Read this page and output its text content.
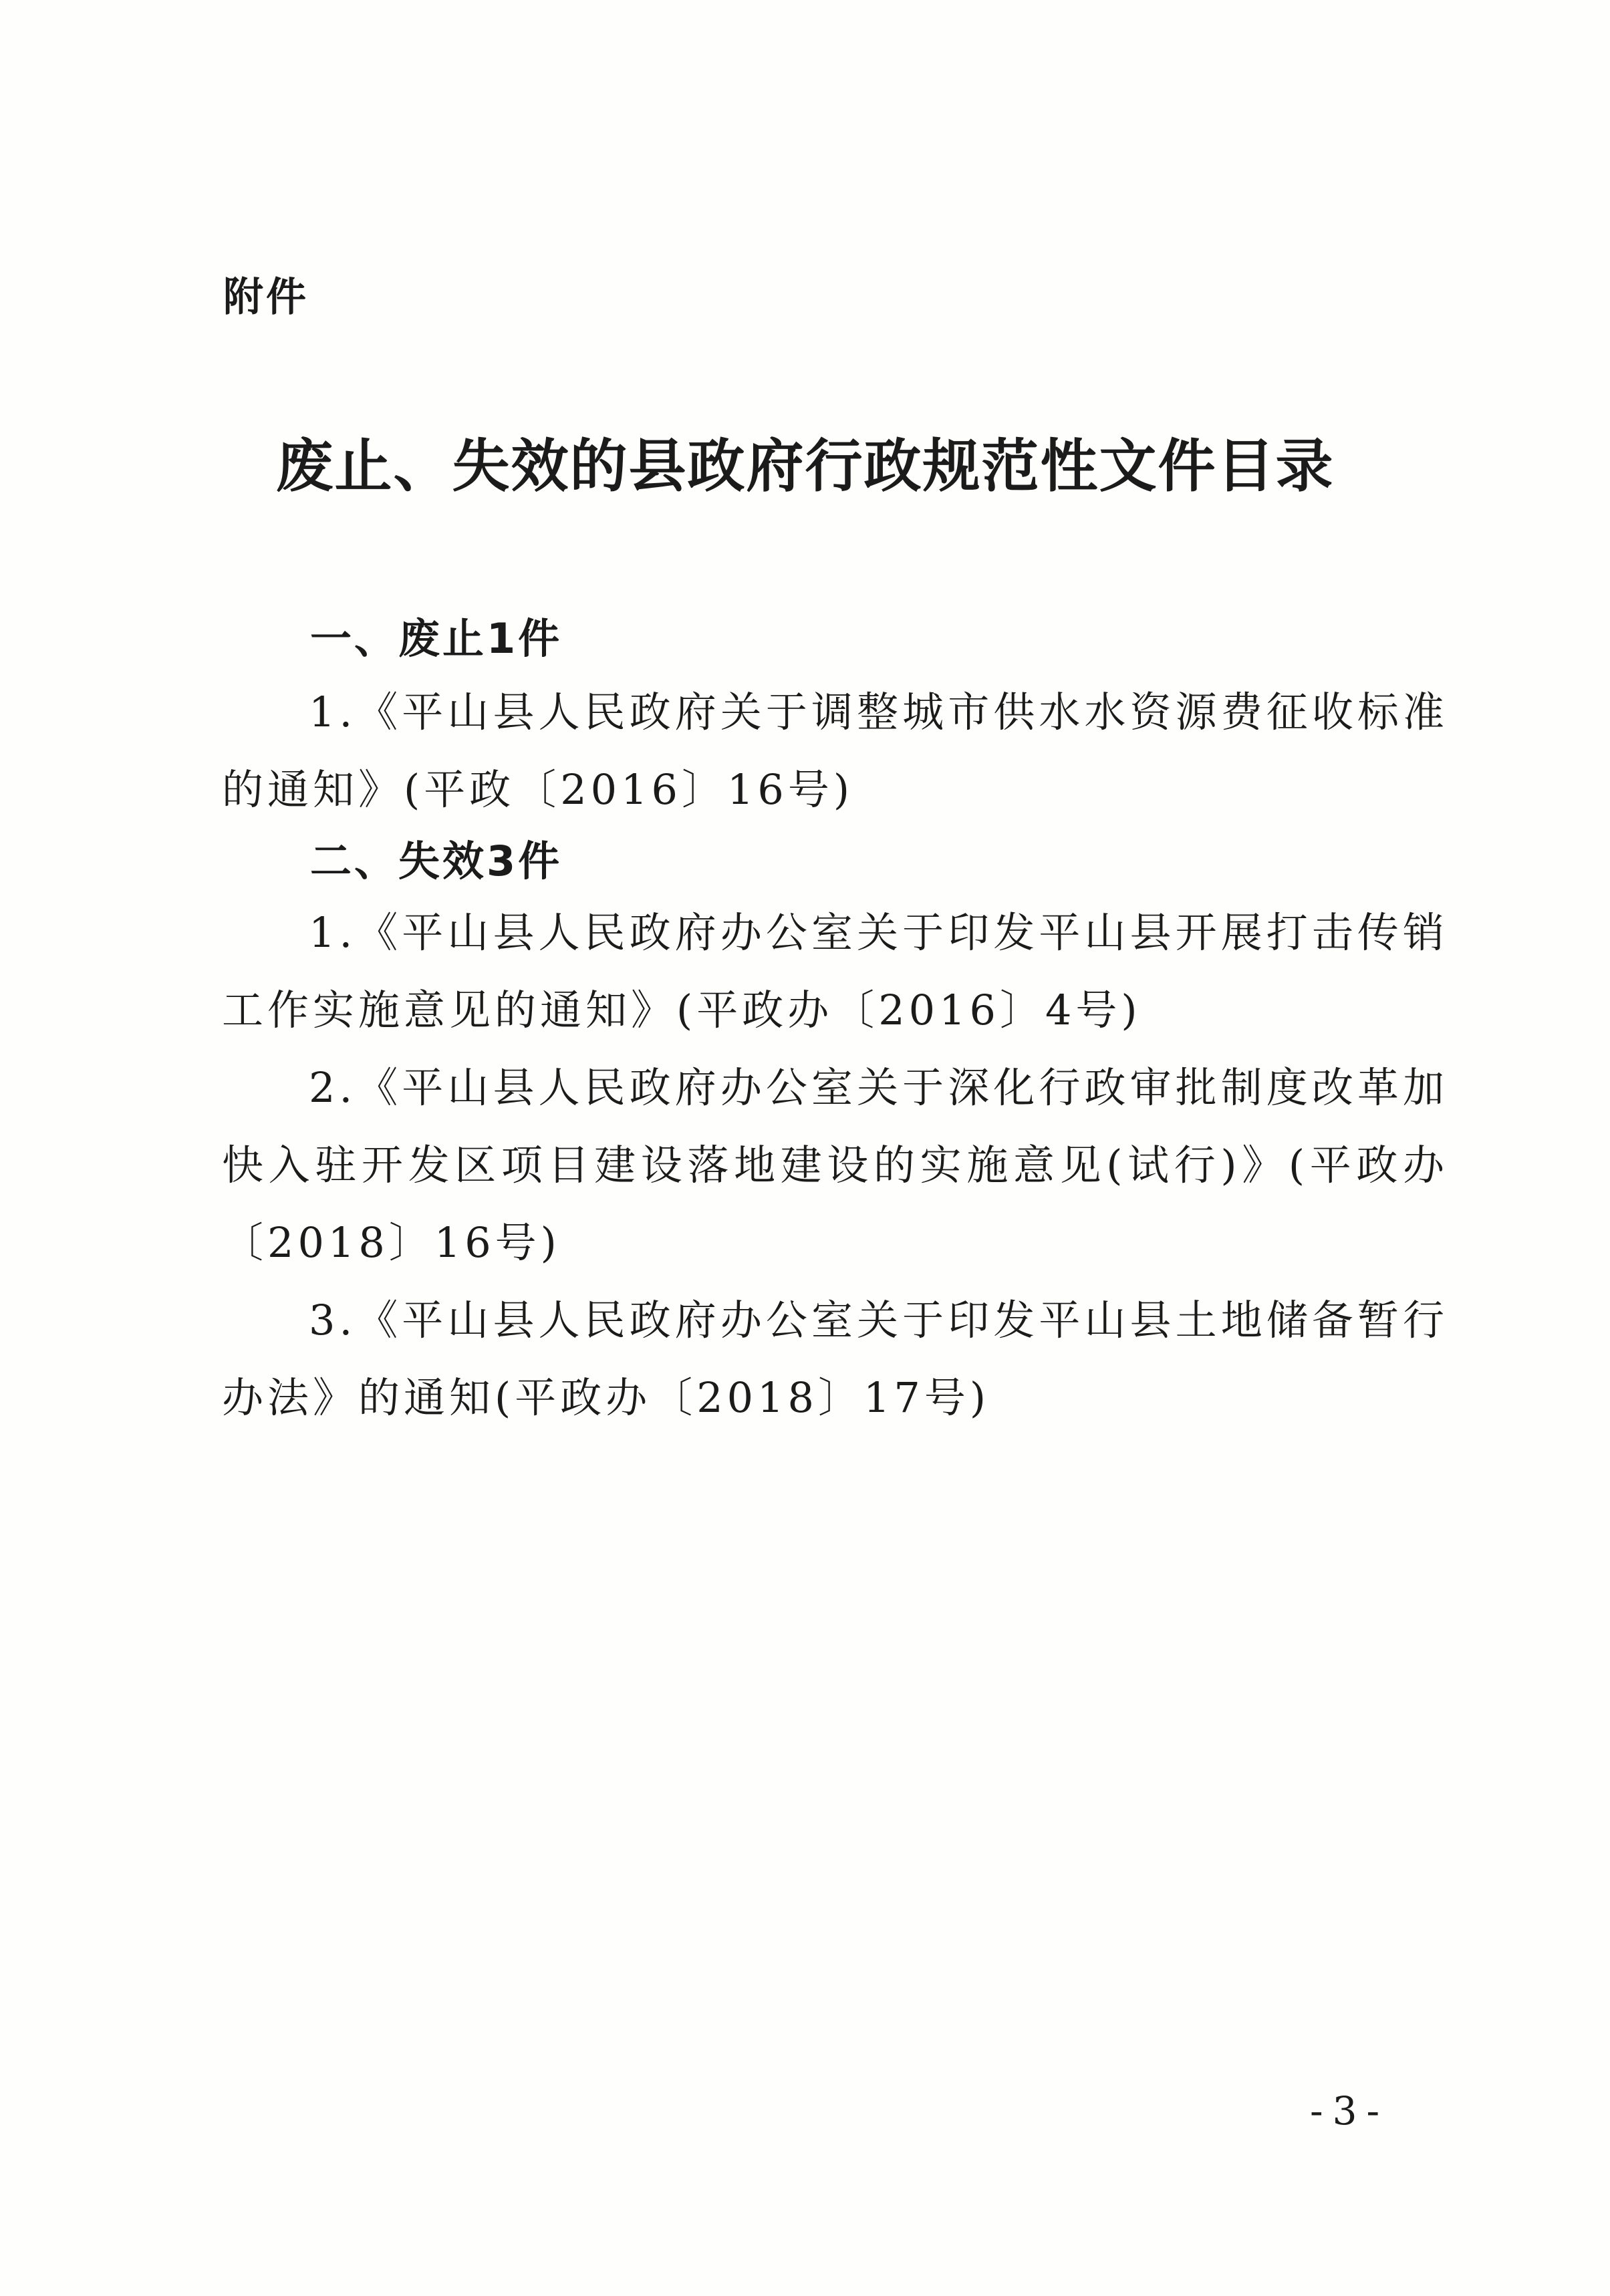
附件
废止、失效的县政府行政规范性文件目录
一、废止1件

1.《平山县人民政府关于调整城市供水水资源费征收标准的通知》(平政〔2016〕16号)

二、失效3件

1.《平山县人民政府办公室关于印发平山县开展打击传销工作实施意见的通知》(平政办〔2016〕4号)

2.《平山县人民政府办公室关于深化行政审批制度改革加快入驻开发区项目建设落地建设的实施意见(试行)》(平政办〔2018〕16号)

3.《平山县人民政府办公室关于印发平山县土地储备暂行办法》的通知(平政办〔2018〕17号)

-3-
